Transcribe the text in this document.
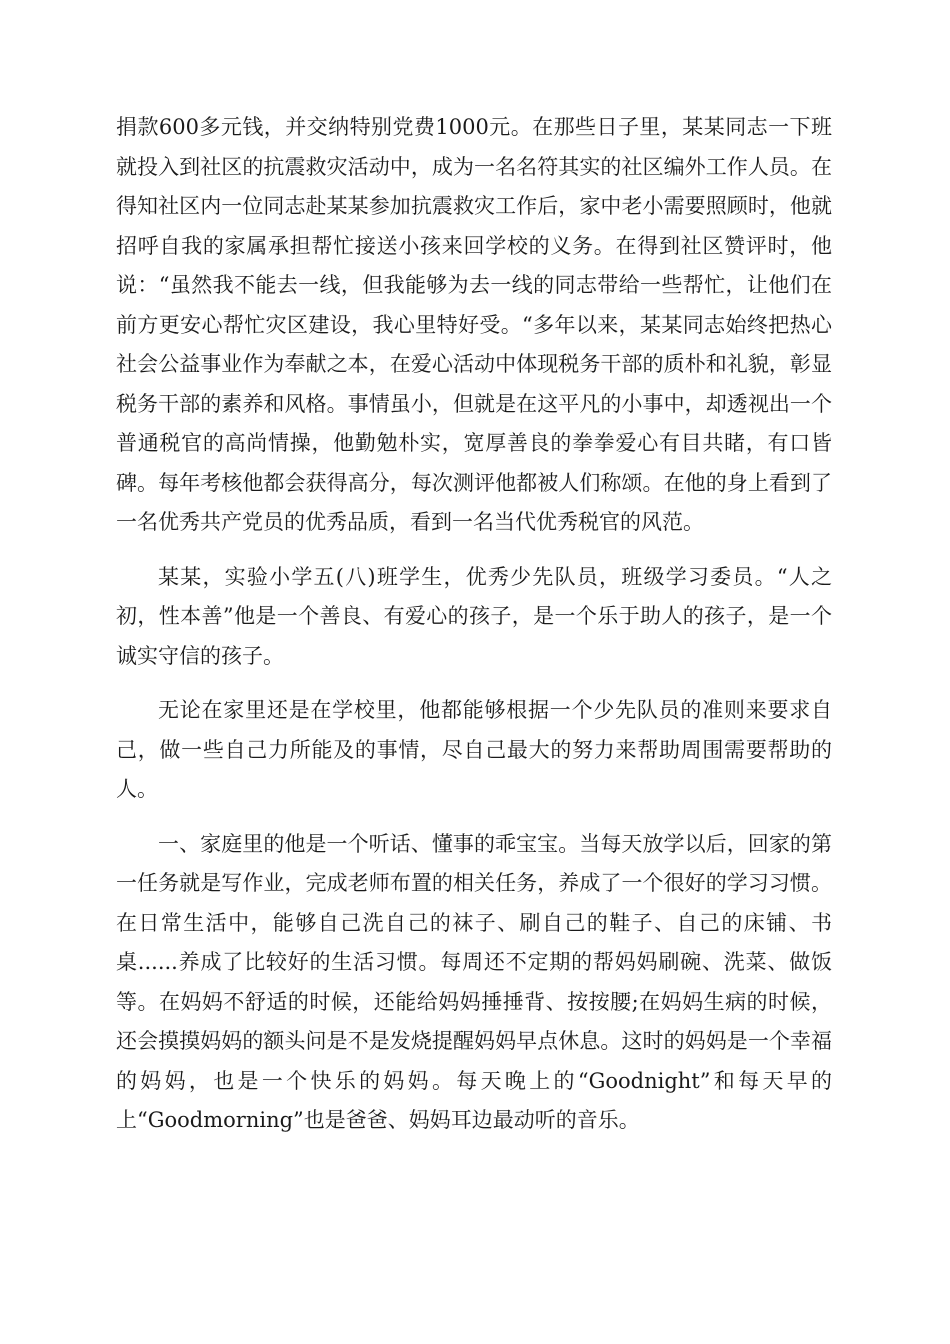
捐款600多元钱，并交纳特别党费1000元。在那些日子里，某某同志一下班就投入到社区的抗震救灾活动中，成为一名名符其实的社区编外工作人员。在得知社区内一位同志赴某某参加抗震救灾工作后，家中老小需要照顾时，他就招呼自我的家属承担帮忙接送小孩来回学校的义务。在得到社区赞评时，他说：“虽然我不能去一线，但我能够为去一线的同志带给一些帮忙，让他们在前方更安心帮忙灾区建设，我心里特好受。“多年以来，某某同志始终把热心社会公益事业作为奉献之本，在爱心活动中体现税务干部的质朴和礼貌，彰显税务干部的素养和风格。事情虽小，但就是在这平凡的小事中，却透视出一个普通税官的高尚情操，他勤勉朴实，宽厚善良的拳拳爱心有目共睹，有口皆碑。每年考核他都会获得高分，每次测评他都被人们称颂。在他的身上看到了一名优秀共产党员的优秀品质，看到一名当代优秀税官的风范。

某某，实验小学五(八)班学生，优秀少先队员，班级学习委员。“人之初，性本善”他是一个善良、有爱心的孩子，是一个乐于助人的孩子，是一个诚实守信的孩子。

无论在家里还是在学校里，他都能够根据一个少先队员的准则来要求自己，做一些自己力所能及的事情，尽自己最大的努力来帮助周围需要帮助的人。

一、家庭里的他是一个听话、懂事的乖宝宝。当每天放学以后，回家的第一任务就是写作业，完成老师布置的相关任务，养成了一个很好的学习习惯。在日常生活中，能够自己洗自己的袜子、刷自己的鞋子、自己的床铺、书桌......养成了比较好的生活习惯。每周还不定期的帮妈妈刷碗、洗菜、做饭等。在妈妈不舒适的时候，还能给妈妈捶捶背、按按腰;在妈妈生病的时候，还会摸摸妈妈的额头问是不是发烧提醒妈妈早点休息。这时的妈妈是一个幸福的妈妈，也是一个快乐的妈妈。每天晚上的“Goodnight”和每天早的上“Goodmorning”也是爸爸、妈妈耳边最动听的音乐。
